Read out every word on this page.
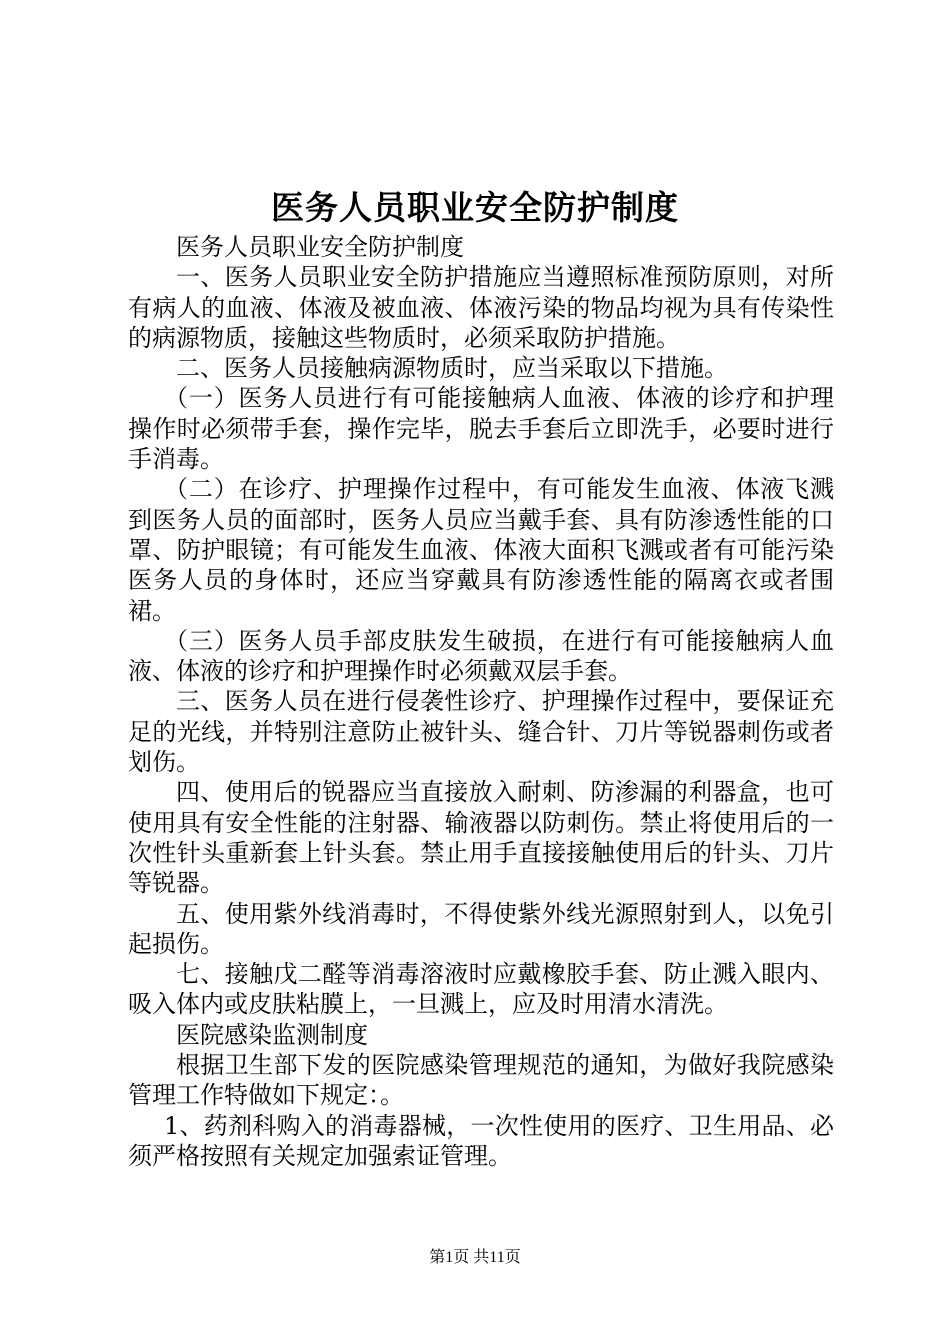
医务人员职业安全防护制度

医务人员职业安全防护制度

一、医务人员职业安全防护措施应当遵照标准预防原则，对所有病人的血液、体液及被血液、体液污染的物品均视为具有传染性的病源物质，接触这些物质时，必须采取防护措施。

二、医务人员接触病源物质时，应当采取以下措施。

（一）医务人员进行有可能接触病人血液、体液的诊疗和护理操作时必须带手套，操作完毕，脱去手套后立即洗手，必要时进行手消毒。

（二）在诊疗、护理操作过程中，有可能发生血液、体液飞溅到医务人员的面部时，医务人员应当戴手套、具有防渗透性能的口罩、防护眼镜；有可能发生血液、体液大面积飞溅或者有可能污染医务人员的身体时，还应当穿戴具有防渗透性能的隔离衣或者围裙。

（三）医务人员手部皮肤发生破损，在进行有可能接触病人血液、体液的诊疗和护理操作时必须戴双层手套。

三、医务人员在进行侵袭性诊疗、护理操作过程中，要保证充足的光线，并特别注意防止被针头、缝合针、刀片等锐器刺伤或者划伤。

四、使用后的锐器应当直接放入耐刺、防渗漏的利器盒，也可使用具有安全性能的注射器、输液器以防刺伤。禁止将使用后的一次性针头重新套上针头套。禁止用手直接接触使用后的针头、刀片等锐器。

五、使用紫外线消毒时，不得使紫外线光源照射到人，以免引起损伤。

七、接触戊二醛等消毒溶液时应戴橡胶手套、防止溅入眼内、吸入体内或皮肤粘膜上，一旦溅上，应及时用清水清洗。

医院感染监测制度

根据卫生部下发的医院感染管理规范的通知，为做好我院感染管理工作特做如下规定：。

1、药剂科购入的消毒器械，一次性使用的医疗、卫生用品、必须严格按照有关规定加强索证管理。

第1页 共11页
